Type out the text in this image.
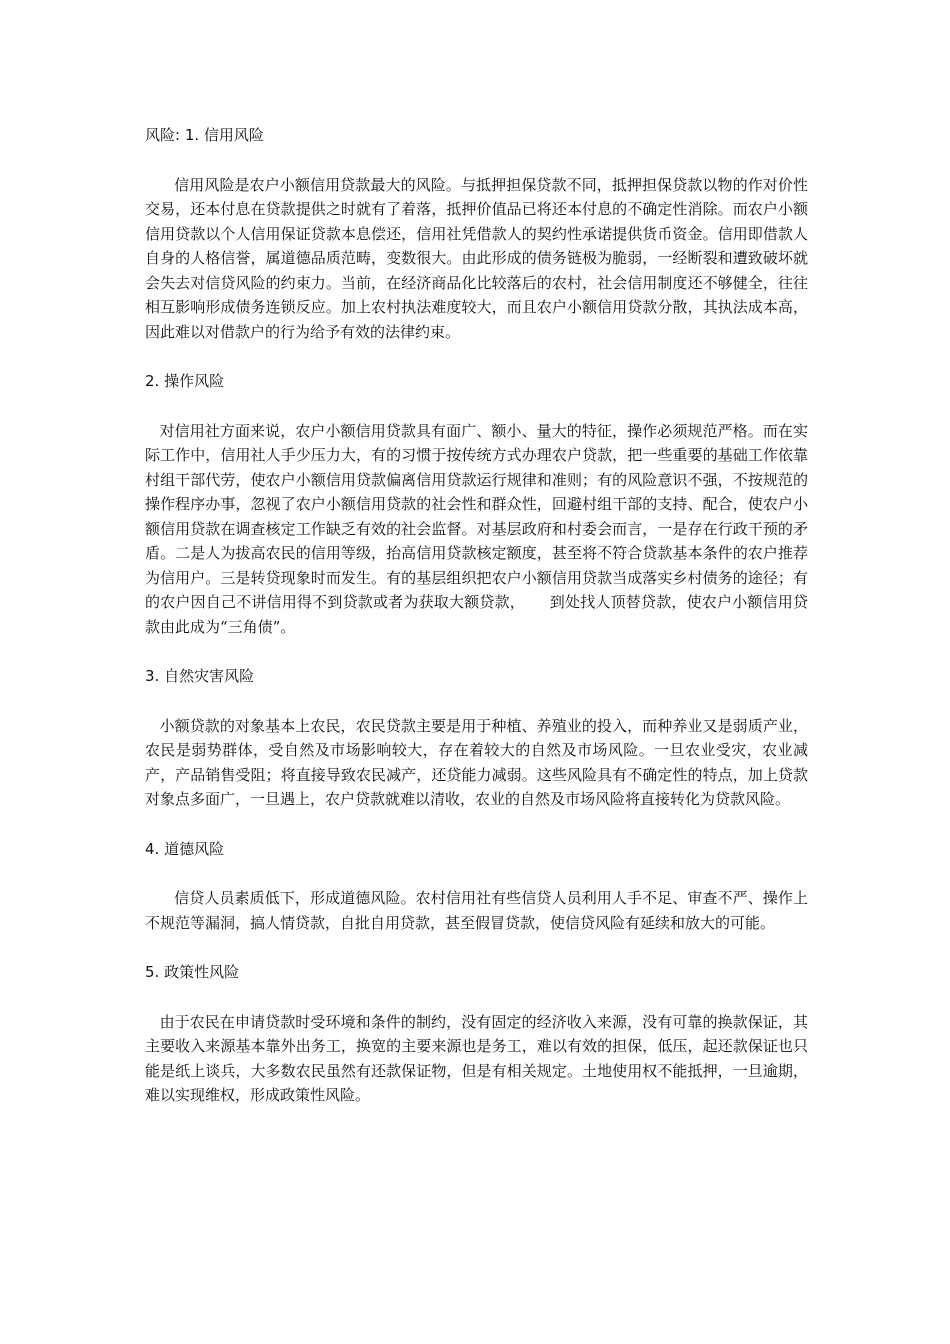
风险: 1. 信用风险

信用风险是农户小额信用贷款最大的风险。与抵押担保贷款不同，抵押担保贷款以物的作对价性交易，还本付息在贷款提供之时就有了着落，抵押价值品已将还本付息的不确定性消除。而农户小额信用贷款以个人信用保证贷款本息偿还，信用社凭借款人的契约性承诺提供货币资金。信用即借款人自身的人格信誉，属道德品质范畴，变数很大。由此形成的债务链极为脆弱，一经断裂和遭致破坏就会失去对信贷风险的约束力。当前，在经济商品化比较落后的农村，社会信用制度还不够健全，往往相互影响形成债务连锁反应。加上农村执法难度较大，而且农户小额信用贷款分散，其执法成本高，因此难以对借款户的行为给予有效的法律约束。

2. 操作风险

对信用社方面来说，农户小额信用贷款具有面广、额小、量大的特征，操作必须规范严格。而在实际工作中，信用社人手少压力大，有的习惯于按传统方式办理农户贷款，把一些重要的基础工作依靠村组干部代劳，使农户小额信用贷款偏离信用贷款运行规律和准则；有的风险意识不强，不按规范的操作程序办事，忽视了农户小额信用贷款的社会性和群众性，回避村组干部的支持、配合，使农户小额信用贷款在调查核定工作缺乏有效的社会监督。对基层政府和村委会而言，一是存在行政干预的矛盾。二是人为拔高农民的信用等级，抬高信用贷款核定额度，甚至将不符合贷款基本条件的农户推荐为信用户。三是转贷现象时而发生。有的基层组织把农户小额信用贷款当成落实乡村债务的途径；有的农户因自己不讲信用得不到贷款或者为获取大额贷款，     到处找人顶替贷款，使农户小额信用贷款由此成为“三角债”。

3. 自然灾害风险

小额贷款的对象基本上农民，农民贷款主要是用于种植、养殖业的投入，而种养业又是弱质产业，农民是弱势群体，受自然及市场影响较大，存在着较大的自然及市场风险。一旦农业受灾，农业减产，产品销售受阻；将直接导致农民减产，还贷能力减弱。这些风险具有不确定性的特点，加上贷款对象点多面广，一旦遇上，农户贷款就难以清收，农业的自然及市场风险将直接转化为贷款风险。

4. 道德风险

信贷人员素质低下，形成道德风险。农村信用社有些信贷人员利用人手不足、审查不严、操作上不规范等漏洞，搞人情贷款，自批自用贷款，甚至假冒贷款，使信贷风险有延续和放大的可能。

5. 政策性风险

由于农民在申请贷款时受环境和条件的制约，没有固定的经济收入来源，没有可靠的换款保证，其主要收入来源基本靠外出务工，换宽的主要来源也是务工，难以有效的担保，低压，起还款保证也只能是纸上谈兵，大多数农民虽然有还款保证物，但是有相关规定。土地使用权不能抵押，一旦逾期，难以实现维权，形成政策性风险。
